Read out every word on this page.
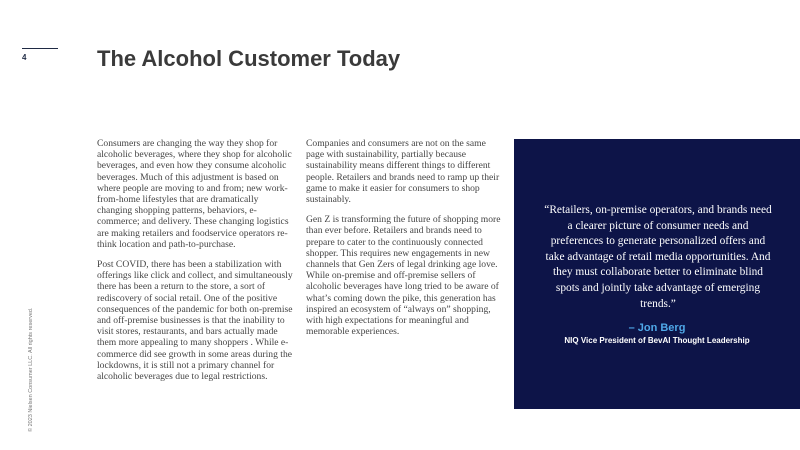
4	The Alcohol Customer Today
© 2023 Nielsen Consumer LLC. All rights reserved.

Consumers are changing the way they shop for alcoholic beverages, where they shop for alcoholic beverages, and even how they consume alcoholic beverages. Much of this adjustment is based on where people are moving to and from; new work-from-home lifestyles that are dramatically changing shopping patterns, behaviors, e-commerce; and delivery. These changing logistics are making retailers and foodservice operators re-think location and path-to-purchase.

Post COVID, there has been a stabilization with offerings like click and collect, and simultaneously there has been a return to the store, a sort of rediscovery of social retail. One of the positive consequences of the pandemic for both on-premise and off-premise businesses is that the inability to visit stores, restaurants, and bars actually made them more appealing to many shoppers . While e-commerce did see growth in some areas during the lockdowns, it is still not a primary channel for alcoholic beverages due to legal restrictions.

Companies and consumers are not on the same page with sustainability, partially because sustainability means different things to different people. Retailers and brands need to ramp up their game to make it easier for consumers to shop sustainably.

Gen Z is transforming the future of shopping more than ever before. Retailers and brands need to prepare to cater to the continuously connected shopper. This requires new engagements in new channels that Gen Zers of legal drinking age love. While on-premise and off-premise sellers of alcoholic beverages have long tried to be aware of what’s coming down the pike, this generation has inspired an ecosystem of “always on” shopping, with high expectations for meaningful and memorable experiences.

“Retailers, on-premise operators, and brands need a clearer picture of consumer needs and preferences to generate personalized offers and take advantage of retail media opportunities. And they must collaborate better to eliminate blind spots and jointly take advantage of emerging trends.”
– Jon Berg
NIQ Vice President of BevAl Thought Leadership
